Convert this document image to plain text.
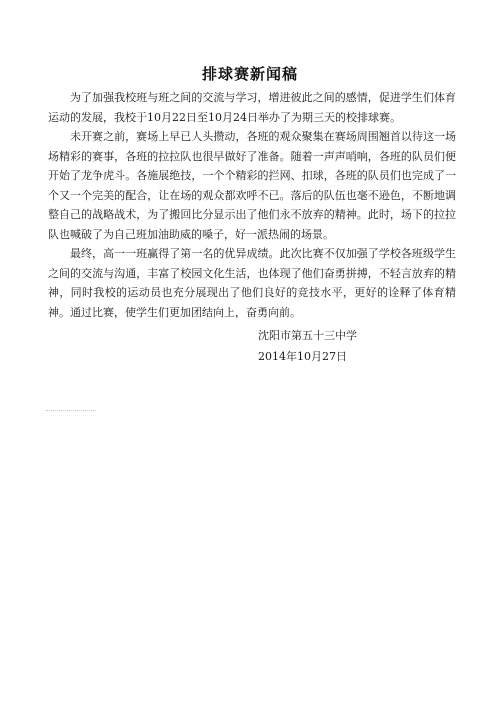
排球赛新闻稿

为了加强我校班与班之间的交流与学习，增进彼此之间的感情，促进学生们体育运动的发展，我校于10月22日至10月24日举办了为期三天的校排球赛。

未开赛之前，赛场上早已人头攒动，各班的观众聚集在赛场周围翘首以待这一场场精彩的赛事，各班的拉拉队也很早做好了准备。随着一声声哨响，各班的队员们便开始了龙争虎斗。各施展绝技，一个个精彩的拦网、扣球，各班的队员们也完成了一个又一个完美的配合，让在场的观众都欢呼不已。落后的队伍也毫不逊色，不断地调整自己的战略战术，为了搬回比分显示出了他们永不放弃的精神。此时，场下的拉拉队也喊破了为自己班加油助威的嗓子，好一派热闹的场景。

最终，高一一班赢得了第一名的优异成绩。此次比赛不仅加强了学校各班级学生之间的交流与沟通，丰富了校园文化生活，也体现了他们奋勇拼搏，不轻言放弃的精神，同时我校的运动员也充分展现出了他们良好的竞技水平，更好的诠释了体育精神。通过比赛，使学生们更加团结向上，奋勇向前。

沈阳市第五十三中学
2014年10月27日
